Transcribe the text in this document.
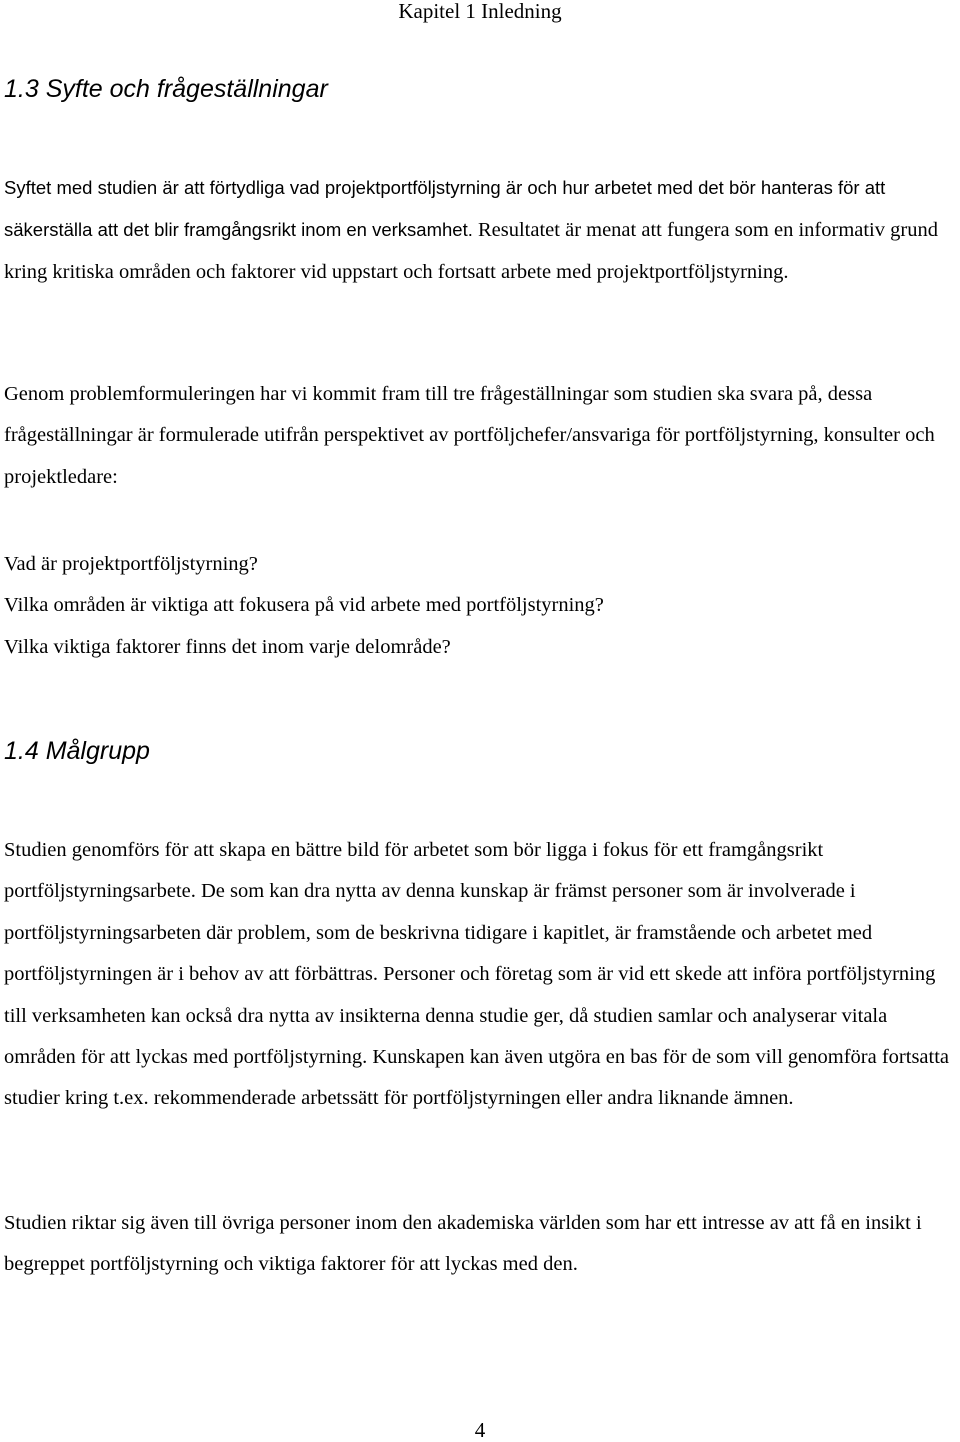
Kapitel 1 Inledning
1.3 Syfte och frågeställningar

Syftet med studien är att förtydliga vad projektportföljstyrning är och hur arbetet med det bör hanteras för att säkerställa att det blir framgångsrikt inom en verksamhet. Resultatet är menat att fungera som en informativ grund kring kritiska områden och faktorer vid uppstart och fortsatt arbete med projektportföljstyrning.

Genom problemformuleringen har vi kommit fram till tre frågeställningar som studien ska svara på, dessa frågeställningar är formulerade utifrån perspektivet av portföljchefer/ansvariga för portföljstyrning, konsulter och projektledare:

Vad är projektportföljstyrning?
Vilka områden är viktiga att fokusera på vid arbete med portföljstyrning?
Vilka viktiga faktorer finns det inom varje delområde?
1.4 Målgrupp

Studien genomförs för att skapa en bättre bild för arbetet som bör ligga i fokus för ett framgångsrikt portföljstyrningsarbete. De som kan dra nytta av denna kunskap är främst personer som är involverade i portföljstyrningsarbeten där problem, som de beskrivna tidigare i kapitlet, är framstående och arbetet med portföljstyrningen är i behov av att förbättras. Personer och företag som är vid ett skede att införa portföljstyrning till verksamheten kan också dra nytta av insikterna denna studie ger, då studien samlar och analyserar vitala områden för att lyckas med portföljstyrning. Kunskapen kan även utgöra en bas för de som vill genomföra fortsatta studier kring t.ex. rekommenderade arbetssätt för portföljstyrningen eller andra liknande ämnen.

Studien riktar sig även till övriga personer inom den akademiska världen som har ett intresse av att få en insikt i begreppet portföljstyrning och viktiga faktorer för att lyckas med den.

4
